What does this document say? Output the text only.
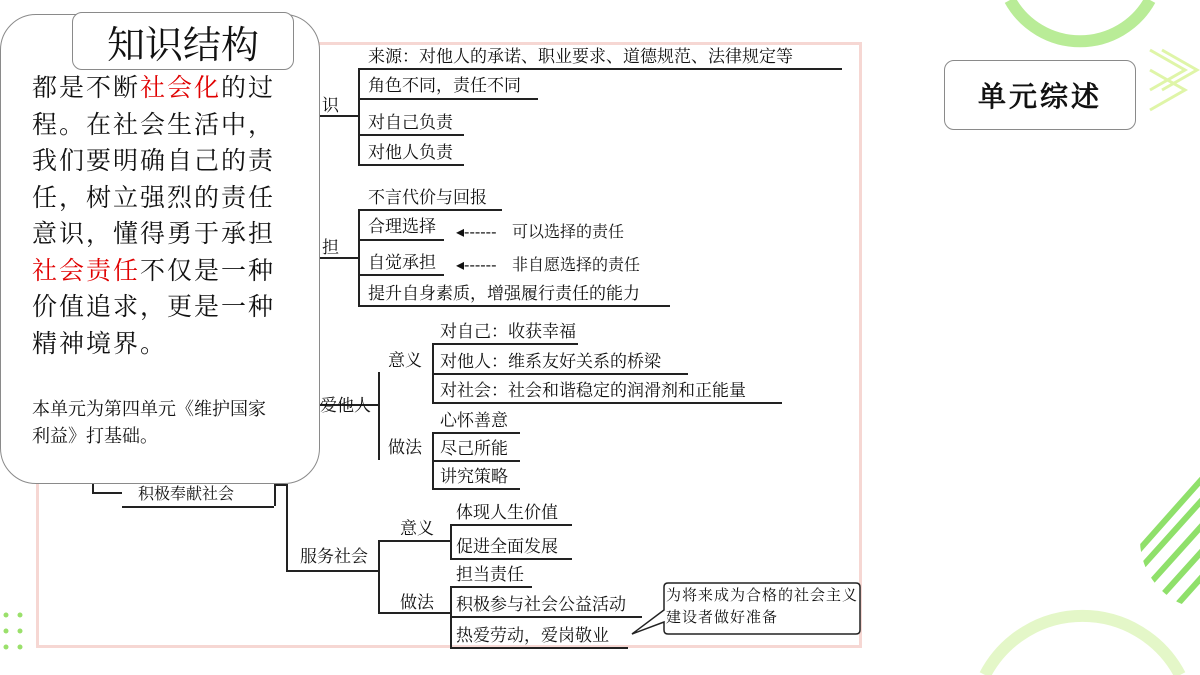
识
来源：对他人的承诺、职业要求、道德规范、法律规定等
角色不同，责任不同
对自己负责
对他人负责
担
不言代价与回报
合理选择 ◂------ 可以选择的责任
自觉承担 ◂------ 非自愿选择的责任
提升自身素质，增强履行责任的能力
爱他人
意义
对自己：收获幸福
对他人：维系友好关系的桥梁
对社会：社会和谐稳定的润滑剂和正能量
做法
心怀善意
尽己所能
讲究策略
积极奉献社会
服务社会
意义
体现人生价值
促进全面发展
做法
担当责任
积极参与社会公益活动
热爱劳动，爱岗敬业
为将来成为合格的社会主义建设者做好准备
知识结构
都是不断社会化的过程。在社会生活中，我们要明确自己的责任，树立强烈的责任意识，懂得勇于承担社会责任不仅是一种价值追求，更是一种精神境界。
本单元为第四单元《维护国家利益》打基础。
单元综述
